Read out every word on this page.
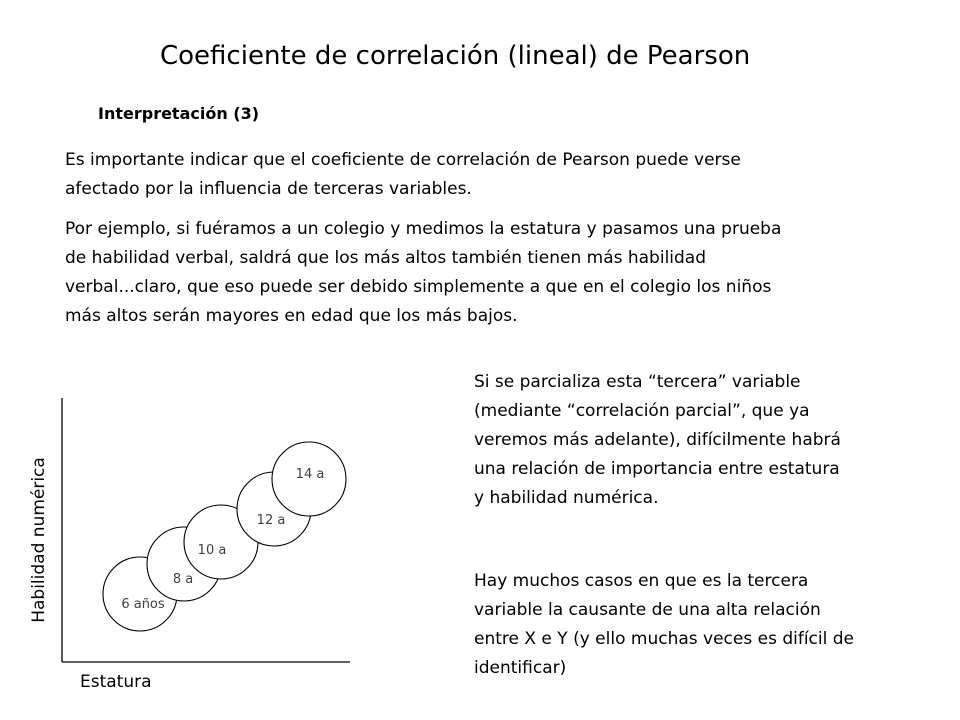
Coeficiente de correlación (lineal) de Pearson
Interpretación (3)
Es importante indicar que el coeficiente de correlación de Pearson puede verse
afectado por la influencia de terceras variables.
Por ejemplo, si fuéramos a un colegio y medimos la estatura y pasamos una prueba
de habilidad verbal, saldrá que los más altos también tienen más habilidad
verbal...claro, que eso puede ser debido simplemente a que en el colegio los niños
más altos serán mayores en edad que los más bajos.
Si se parcializa esta “tercera” variable
(mediante “correlación parcial”, que ya
veremos más adelante), difícilmente habrá
una relación de importancia entre estatura
y habilidad numérica.
Hay muchos casos en que es la tercera
variable la causante de una alta relación
entre X e Y (y ello muchas veces es difícil de
identificar)
6 años
8 a
10 a
12 a
14 a
Estatura
Habilidad numérica
